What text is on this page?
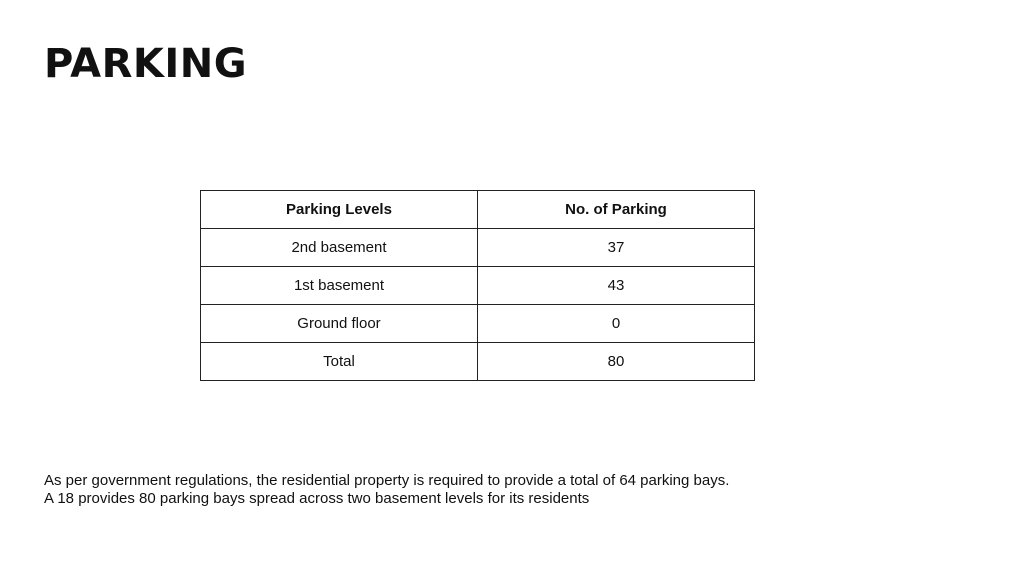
PARKING
Parking Levels	No. of Parking
2nd basement	37
1st basement	43
Ground floor	0
Total	80

As per government regulations, the residential property is required to provide a total of 64 parking bays.

A 18 provides 80 parking bays spread across two basement levels for its residents
